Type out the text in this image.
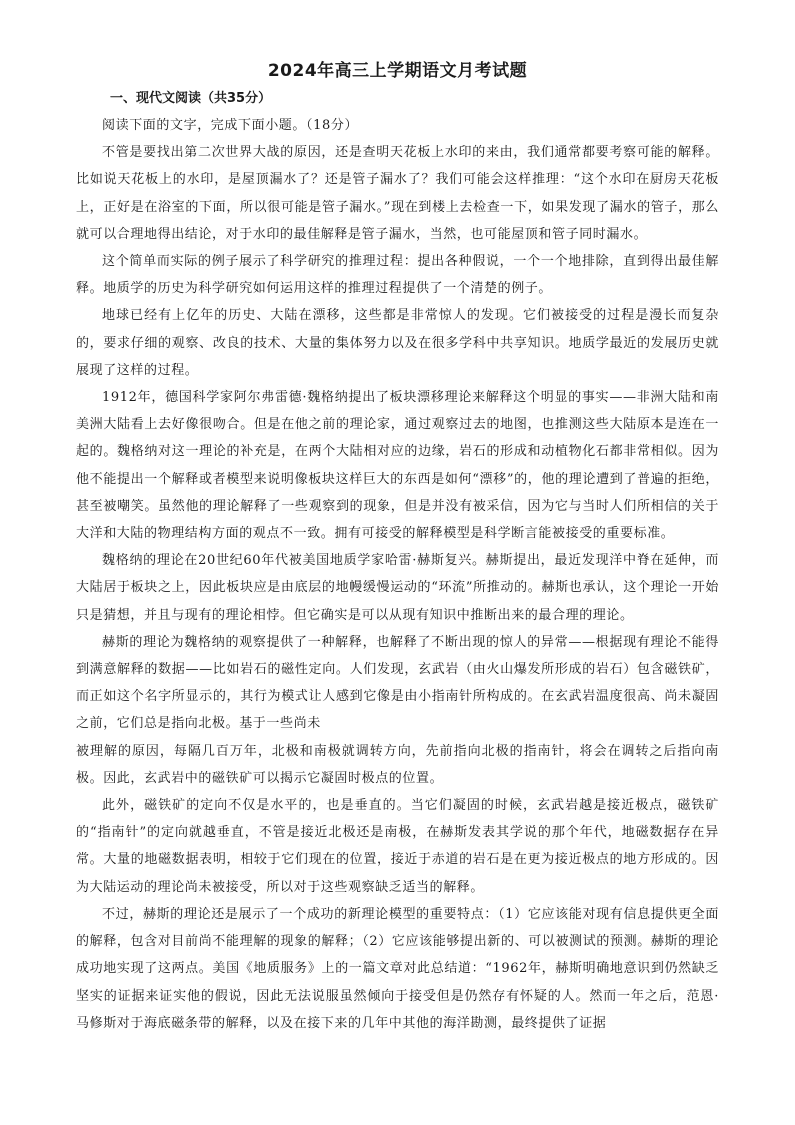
2024年高三上学期语文月考试题
一、现代文阅读（共35分）

阅读下面的文字，完成下面小题。（18分）

不管是要找出第二次世界大战的原因，还是查明天花板上水印的来由，我们通常都要考察可能的解释。比如说天花板上的水印，是屋顶漏水了？还是管子漏水了？我们可能会这样推理：“这个水印在厨房天花板上，正好是在浴室的下面，所以很可能是管子漏水。”现在到楼上去检查一下，如果发现了漏水的管子，那么就可以合理地得出结论，对于水印的最佳解释是管子漏水，当然，也可能屋顶和管子同时漏水。

这个简单而实际的例子展示了科学研究的推理过程：提出各种假说，一个一个地排除，直到得出最佳解释。地质学的历史为科学研究如何运用这样的推理过程提供了一个清楚的例子。

地球已经有上亿年的历史、大陆在漂移，这些都是非常惊人的发现。它们被接受的过程是漫长而复杂的，要求仔细的观察、改良的技术、大量的集体努力以及在很多学科中共享知识。地质学最近的发展历史就展现了这样的过程。

1912年，德国科学家阿尔弗雷德·魏格纳提出了板块漂移理论来解释这个明显的事实——非洲大陆和南美洲大陆看上去好像很吻合。但是在他之前的理论家，通过观察过去的地图，也推测这些大陆原本是连在一起的。魏格纳对这一理论的补充是，在两个大陆相对应的边缘，岩石的形成和动植物化石都非常相似。因为他不能提出一个解释或者模型来说明像板块这样巨大的东西是如何“漂移”的，他的理论遭到了普遍的拒绝，甚至被嘲笑。虽然他的理论解释了一些观察到的现象，但是并没有被采信，因为它与当时人们所相信的关于大洋和大陆的物理结构方面的观点不一致。拥有可接受的解释模型是科学断言能被接受的重要标准。

魏格纳的理论在20世纪60年代被美国地质学家哈雷·赫斯复兴。赫斯提出，最近发现洋中脊在延伸，而大陆居于板块之上，因此板块应是由底层的地幔缓慢运动的“环流”所推动的。赫斯也承认，这个理论一开始只是猜想，并且与现有的理论相悖。但它确实是可以从现有知识中推断出来的最合理的理论。

赫斯的理论为魏格纳的观察提供了一种解释，也解释了不断出现的惊人的异常——根据现有理论不能得到满意解释的数据——比如岩石的磁性定向。人们发现，玄武岩（由火山爆发所形成的岩石）包含磁铁矿，而正如这个名字所显示的，其行为模式让人感到它像是由小指南针所构成的。在玄武岩温度很高、尚未凝固之前，它们总是指向北极。基于一些尚未

被理解的原因，每隔几百万年，北极和南极就调转方向，先前指向北极的指南针，将会在调转之后指向南极。因此，玄武岩中的磁铁矿可以揭示它凝固时极点的位置。

此外，磁铁矿的定向不仅是水平的，也是垂直的。当它们凝固的时候，玄武岩越是接近极点，磁铁矿的“指南针”的定向就越垂直，不管是接近北极还是南极，在赫斯发表其学说的那个年代，地磁数据存在异常。大量的地磁数据表明，相较于它们现在的位置，接近于赤道的岩石是在更为接近极点的地方形成的。因为大陆运动的理论尚未被接受，所以对于这些观察缺乏适当的解释。

不过，赫斯的理论还是展示了一个成功的新理论模型的重要特点：（1）它应该能对现有信息提供更全面的解释，包含对目前尚不能理解的现象的解释；（2）它应该能够提出新的、可以被测试的预测。赫斯的理论成功地实现了这两点。美国《地质服务》上的一篇文章对此总结道：“1962年，赫斯明确地意识到仍然缺乏坚实的证据来证实他的假说，因此无法说服虽然倾向于接受但是仍然存有怀疑的人。然而一年之后，范恩·马修斯对于海底磁条带的解释，以及在接下来的几年中其他的海洋勘测，最终提供了证据
